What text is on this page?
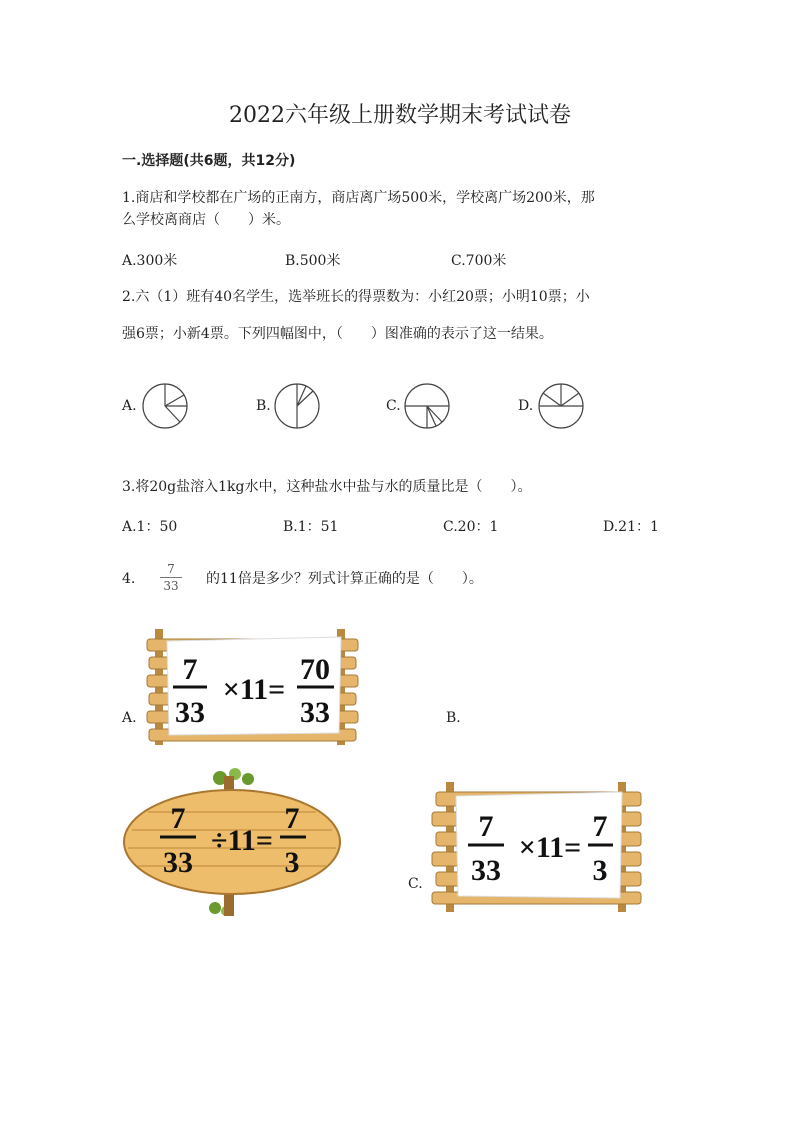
2022六年级上册数学期末考试试卷
一.选择题(共6题，共12分)
1.商店和学校都在广场的正南方，商店离广场500米，学校离广场200米，那
么学校离商店（　　）米。
A.300米	B.500米	C.700米
2.六（1）班有40名学生，选举班长的得票数为：小红20票；小明10票；小
强6票；小新4票。下列四幅图中，（　　）图准确的表示了这一结果。
A.	B.	C.	D.
3.将20g盐溶入1kg水中，这种盐水中盐与水的质量比是（　　）。
A.1：50	B.1：51	C.20：1	D.21：1
4.
7
33 的11倍是多少？列式计算正确的是（　　）。
A.
7
33
×11=
70
33	B.
7
33
÷11=
7
3
C.
7
33
×11=
7
3
